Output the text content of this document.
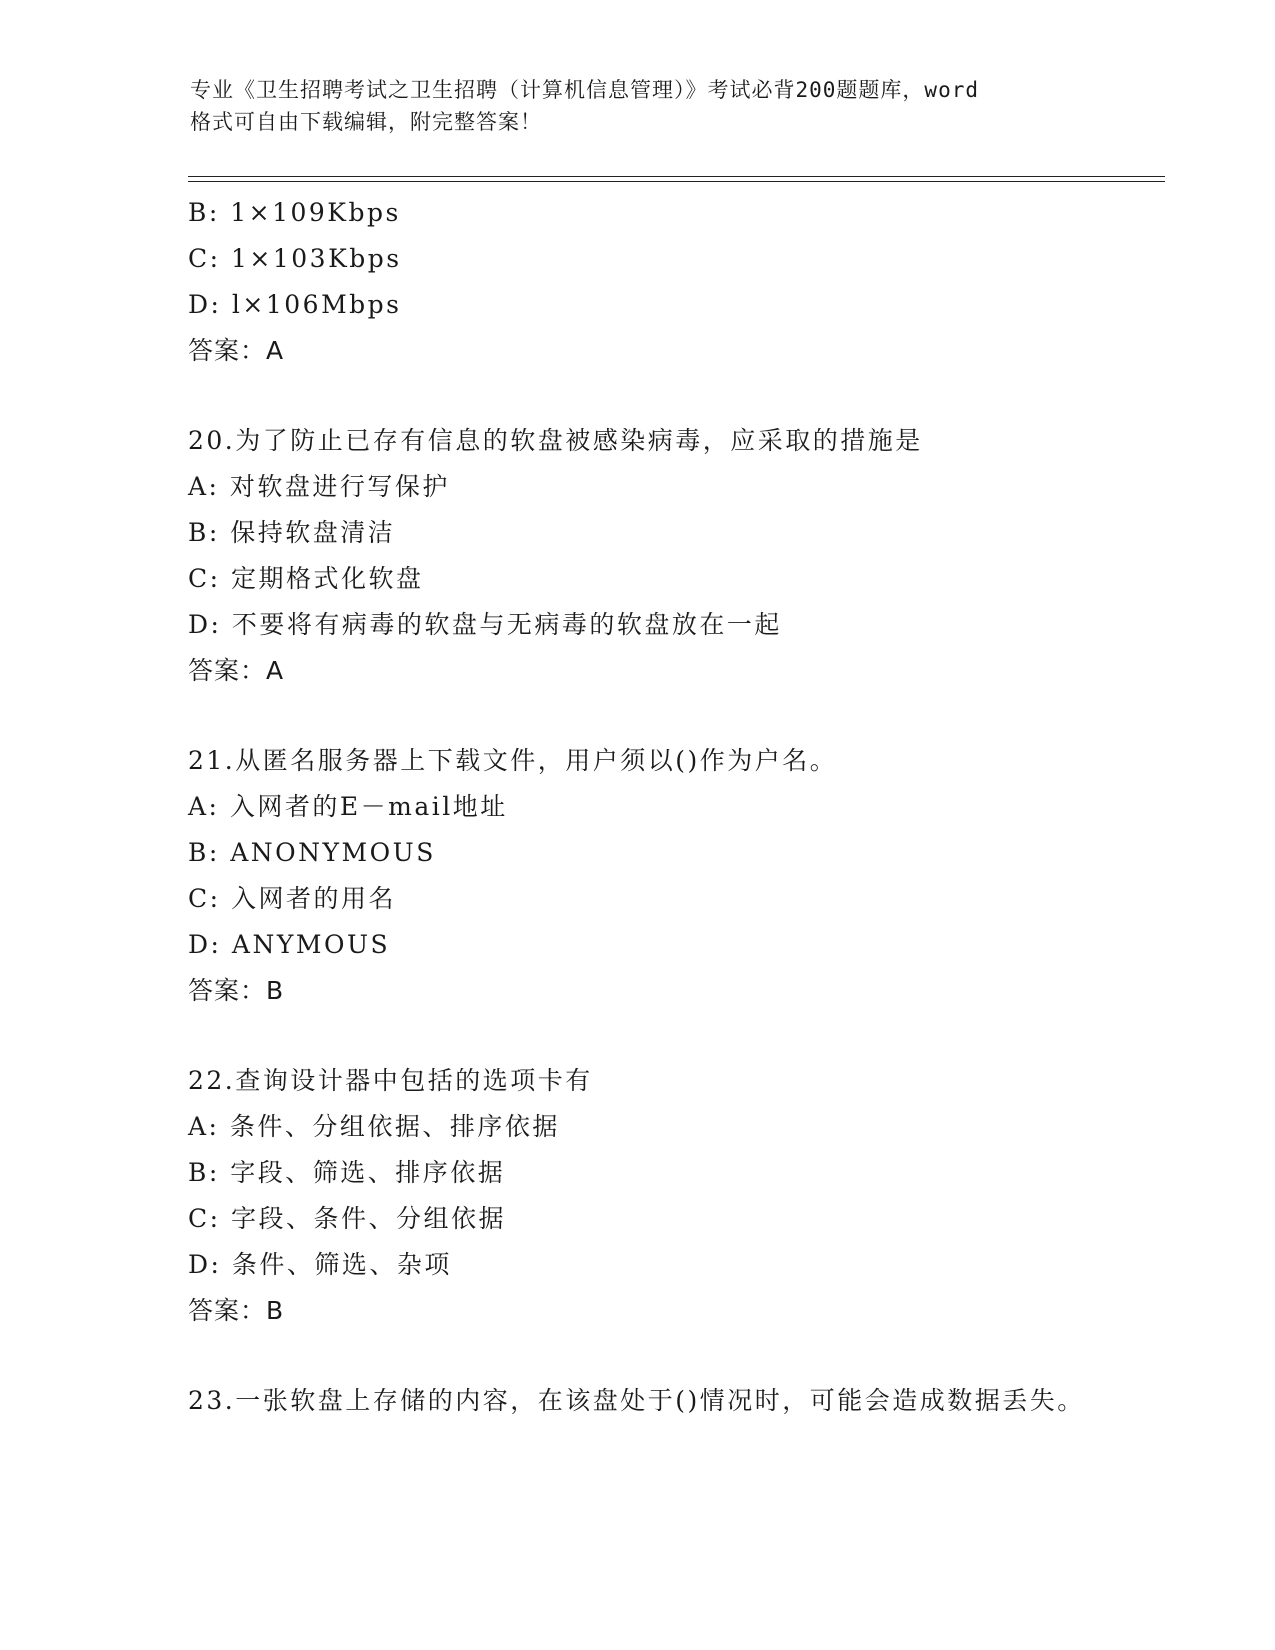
专业《卫生招聘考试之卫生招聘（计算机信息管理）》考试必背200题题库，word
格式可自由下载编辑，附完整答案！
B: 1×109Kbps
C: 1×103Kbps
D: l×106Mbps
答案：A
20.为了防止已存有信息的软盘被感染病毒，应采取的措施是
A: 对软盘进行写保护
B: 保持软盘清洁
C: 定期格式化软盘
D: 不要将有病毒的软盘与无病毒的软盘放在一起
答案：A
21.从匿名服务器上下载文件，用户须以()作为户名。
A: 入网者的E－mail地址
B: ANONYMOUS
C: 入网者的用名
D: ANYMOUS
答案：B
22.查询设计器中包括的选项卡有
A: 条件、分组依据、排序依据
B: 字段、筛选、排序依据
C: 字段、条件、分组依据
D: 条件、筛选、杂项
答案：B
23.一张软盘上存储的内容，在该盘处于()情况时，可能会造成数据丢失。
